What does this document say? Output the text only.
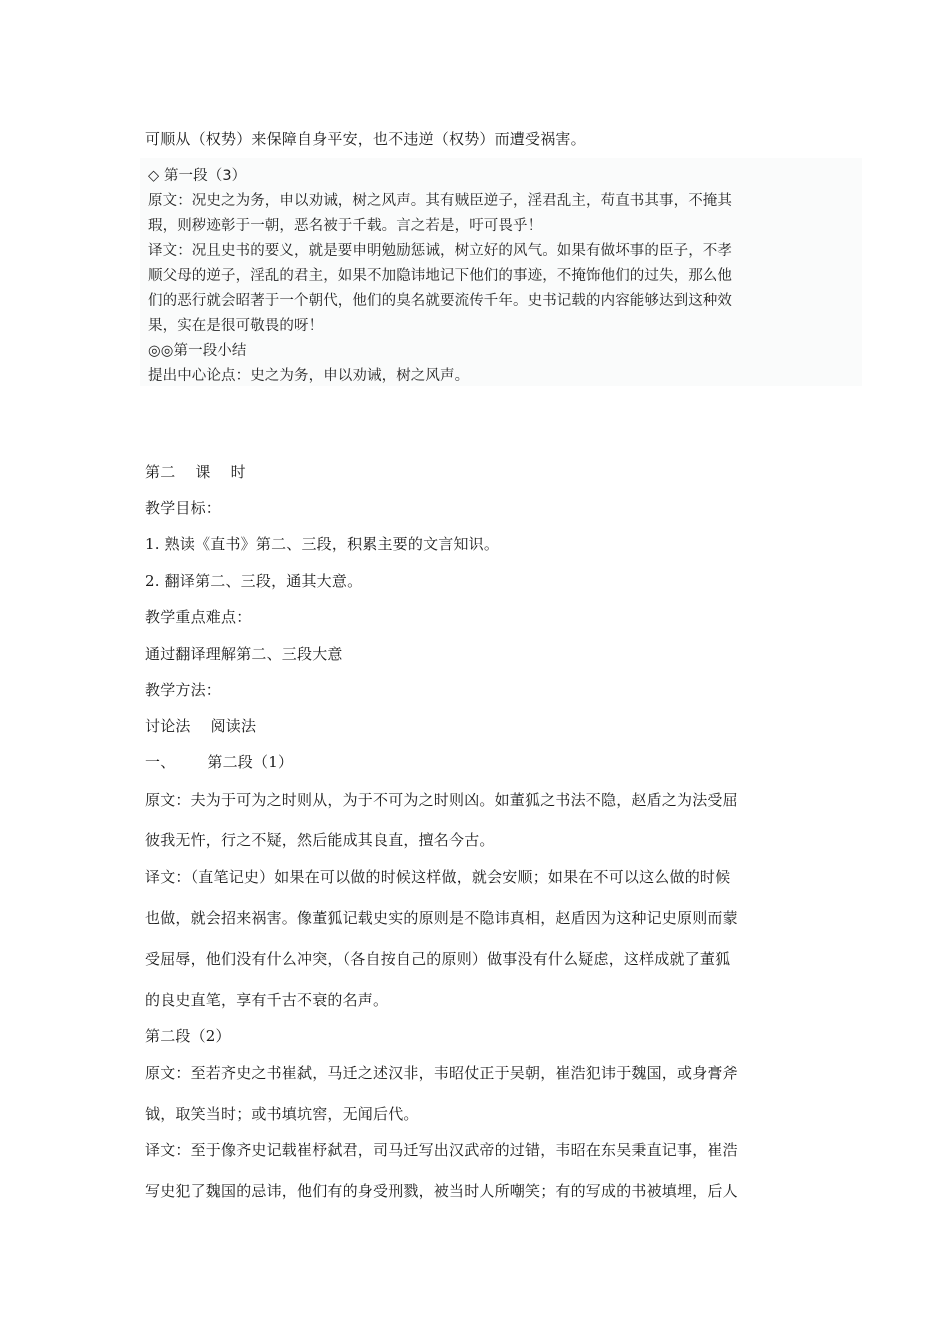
可顺从（权势）来保障自身平安，也不违逆（权势）而遭受祸害。
◇ 第一段（3）
原文：况史之为务，申以劝诫，树之风声。其有贼臣逆子，淫君乱主，苟直书其事，不掩其
瑕，则秽迹彰于一朝，恶名被于千载。言之若是，吁可畏乎！
译文：况且史书的要义，就是要申明勉励惩诫，树立好的风气。如果有做坏事的臣子，不孝
顺父母的逆子，淫乱的君主，如果不加隐讳地记下他们的事迹，不掩饰他们的过失，那么他
们的恶行就会昭著于一个朝代，他们的臭名就要流传千年。史书记载的内容能够达到这种效
果，实在是很可敬畏的呀！
◎◎第一段小结
提出中心论点：史之为务，申以劝诫，树之风声。
第二 课 时
教学目标：
1. 熟读《直书》第二、三段，积累主要的文言知识。
2. 翻译第二、三段，通其大意。
教学重点难点：
通过翻译理解第二、三段大意
教学方法：
讨论法 阅读法
一、 第二段（1）
原文：夫为于可为之时则从，为于不可为之时则凶。如董狐之书法不隐，赵盾之为法受屈
彼我无忤，行之不疑，然后能成其良直，擅名今古。
译文：（直笔记史）如果在可以做的时候这样做，就会安顺；如果在不可以这么做的时候
也做，就会招来祸害。像董狐记载史实的原则是不隐讳真相，赵盾因为这种记史原则而蒙
受屈辱，他们没有什么冲突，（各自按自己的原则）做事没有什么疑虑，这样成就了董狐
的良史直笔，享有千古不衰的名声。
第二段（2）
原文：至若齐史之书崔弑，马迁之述汉非，韦昭仗正于吴朝，崔浩犯讳于魏国，或身膏斧
钺，取笑当时；或书填坑窖，无闻后代。
译文：至于像齐史记载崔杼弑君，司马迁写出汉武帝的过错，韦昭在东吴秉直记事，崔浩
写史犯了魏国的忌讳，他们有的身受刑戮，被当时人所嘲笑；有的写成的书被填埋，后人
